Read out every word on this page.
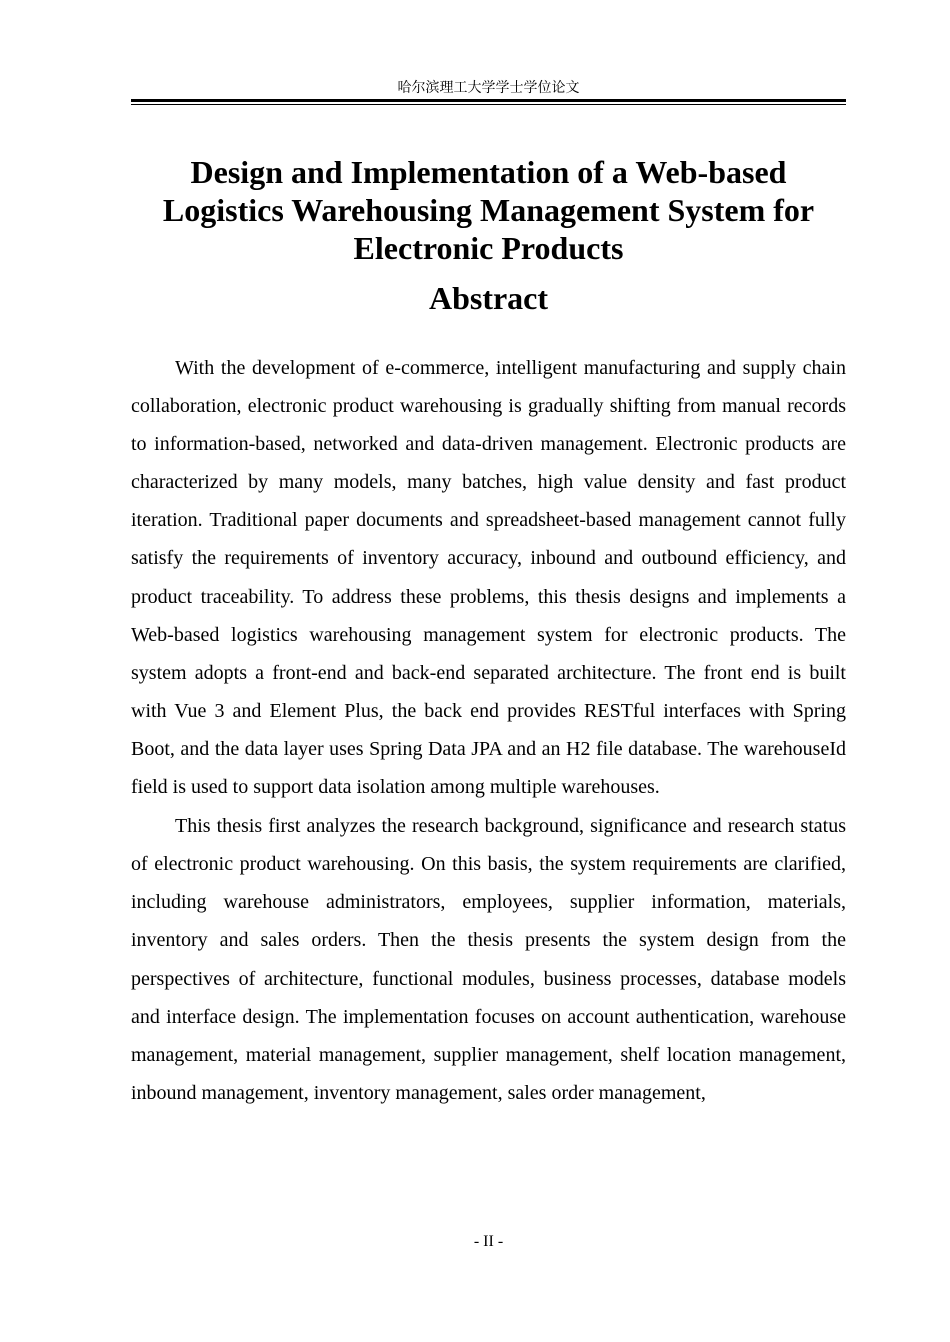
哈尔滨理工大学学士学位论文
Design and Implementation of a Web-based
Logistics Warehousing Management System for
Electronic Products
Abstract

With the development of e-commerce, intelligent manufacturing and supply chain collaboration, electronic product warehousing is gradually shifting from manual records to information-based, networked and data-driven management. Electronic products are characterized by many models, many batches, high value density and fast product iteration. Traditional paper documents and spreadsheet-based management cannot fully satisfy the requirements of inventory accuracy, inbound and outbound efficiency, and product traceability. To address these problems, this thesis designs and implements a Web-based logistics warehousing management system for electronic products. The system adopts a front-end and back-end separated architecture. The front end is built with Vue 3 and Element Plus, the back end provides RESTful interfaces with Spring Boot, and the data layer uses Spring Data JPA and an H2 file database. The warehouseId field is used to support data isolation among multiple warehouses.

This thesis first analyzes the research background, significance and research status of electronic product warehousing. On this basis, the system requirements are clarified, including warehouse administrators, employees, supplier information, materials, inventory and sales orders. Then the thesis presents the system design from the perspectives of architecture, functional modules, business processes, database models and interface design. The implementation focuses on account authentication, warehouse management, material management, supplier management, shelf location management, inbound management, inventory management, sales order management,

- II -
